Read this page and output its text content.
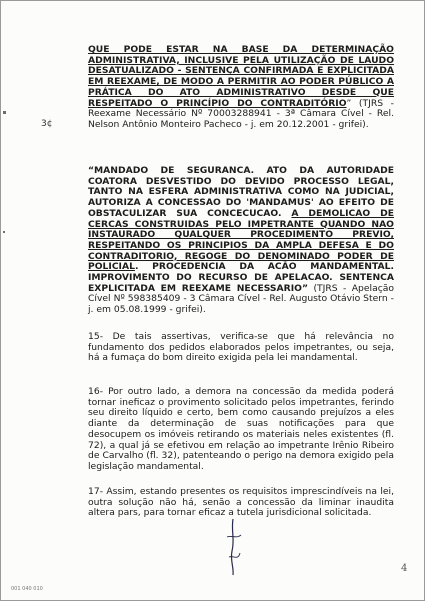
3¢
QUE PODE ESTAR NA BASE DA DETERMINAÇÃO ADMINISTRATIVA, INCLUSIVE PELA UTILIZAÇÃO DE LAUDO DESATUALIZADO - SENTENÇA CONFIRMADA E EXPLICITADA EM REEXAME, DE MODO A PERMITIR AO PODER PÚBLICO A PRÁTICA DO ATO ADMINISTRATIVO DESDE QUE RESPEITADO O PRINCÍPIO DO CONTRADITÓRIO” (TJRS - Reexame Necessário Nº 70003288941 - 3ª Câmara Cível - Rel. Nelson Antônio Monteiro Pacheco - j. em 20.12.2001 - grifei).
“MANDADO DE SEGURANCA. ATO DA AUTORIDADE COATORA DESVESTIDO DO DEVIDO PROCESSO LEGAL, TANTO NA ESFERA ADMINISTRATIVA COMO NA JUDICIAL, AUTORIZA A CONCESSAO DO 'MANDAMUS' AO EFEITO DE OBSTACULIZAR SUA CONCECUCAO. A DEMOLICAO DE CERCAS CONSTRUIDAS PELO IMPETRANTE QUANDO NAO INSTAURADO QUALQUER PROCEDIMENTO PREVIO, RESPEITANDO OS PRINCIPIOS DA AMPLA DEFESA E DO CONTRADITORIO, REGOGE DO DENOMINADO PODER DE POLICIAL. PROCEDENCIA DA ACÃO MANDAMENTAL. IMPROVIMENTO DO RECURSO DE APELACAO. SENTENCA EXPLICITADA EM REEXAME NECESSARIO” (TJRS - Apelação Cível Nº 598385409 - 3 Câmara Cível - Rel. Augusto Otávio Stern - j. em 05.08.1999 - grifei).

15- De tais assertivas, verifica-se que há relevância no fundamento dos pedidos elaborados pelos impetrantes, ou seja, há a fumaça do bom direito exigida pela lei mandamental.

16- Por outro lado, a demora na concessão da medida poderá tornar ineficaz o provimento solicitado pelos impetrantes, ferindo seu direito líquido e certo, bem como causando prejuízos a eles diante da determinação de suas notificações para que desocupem os imóveis retirando os materiais neles existentes (fl. 72), a qual já se efetivou em relação ao impetrante Irênio Ribeiro de Carvalho (fl. 32), patenteando o perigo na demora exigido pela legislação mandamental.

17- Assim, estando presentes os requisitos imprescindíveis na lei, outra solução não há, senão a concessão da liminar inaudita altera pars, para tornar eficaz a tutela jurisdicional solicitada.

4
001 040 010
